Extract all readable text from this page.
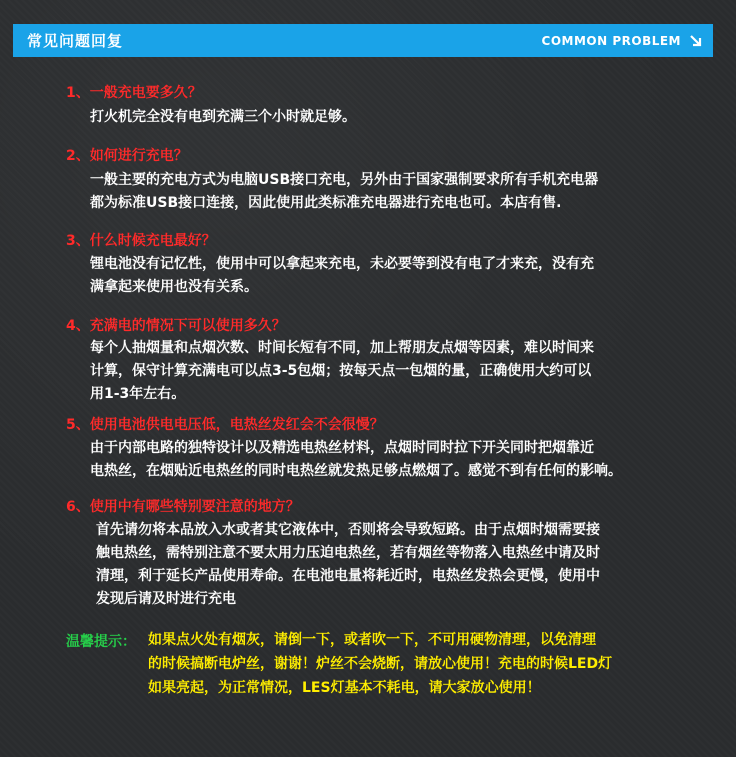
常见问题回复	COMMON PROBLEM
1、一般充电要多久？
打火机完全没有电到充满三个小时就足够。
2、如何进行充电？
一般主要的充电方式为电脑USB接口充电，另外由于国家强制要求所有手机充电器
都为标准USB接口连接，因此使用此类标准充电器进行充电也可。本店有售.
3、什么时候充电最好？
锂电池没有记忆性，使用中可以拿起来充电，未必要等到没有电了才来充，没有充
满拿起来使用也没有关系。
4、充满电的情况下可以使用多久？
每个人抽烟量和点烟次数、时间长短有不同，加上帮朋友点烟等因素，难以时间来
计算，保守计算充满电可以点3-5包烟；按每天点一包烟的量，正确使用大约可以
用1-3年左右。
5、使用电池供电电压低，电热丝发红会不会很慢？
由于内部电路的独特设计以及精选电热丝材料，点烟时同时拉下开关同时把烟靠近
电热丝，在烟贴近电热丝的同时电热丝就发热足够点燃烟了。感觉不到有任何的影响。
6、使用中有哪些特别要注意的地方？
首先请勿将本品放入水或者其它液体中，否则将会导致短路。由于点烟时烟需要接
触电热丝，需特别注意不要太用力压迫电热丝，若有烟丝等物落入电热丝中请及时
清理，利于延长产品使用寿命。在电池电量将耗近时，电热丝发热会更慢，使用中
发现后请及时进行充电
温馨提示： 如果点火处有烟灰，请倒一下，或者吹一下，不可用硬物清理，以免清理
的时候搞断电炉丝，谢谢！炉丝不会烧断，请放心使用！充电的时候LED灯
如果亮起，为正常情况，LES灯基本不耗电，请大家放心使用！
